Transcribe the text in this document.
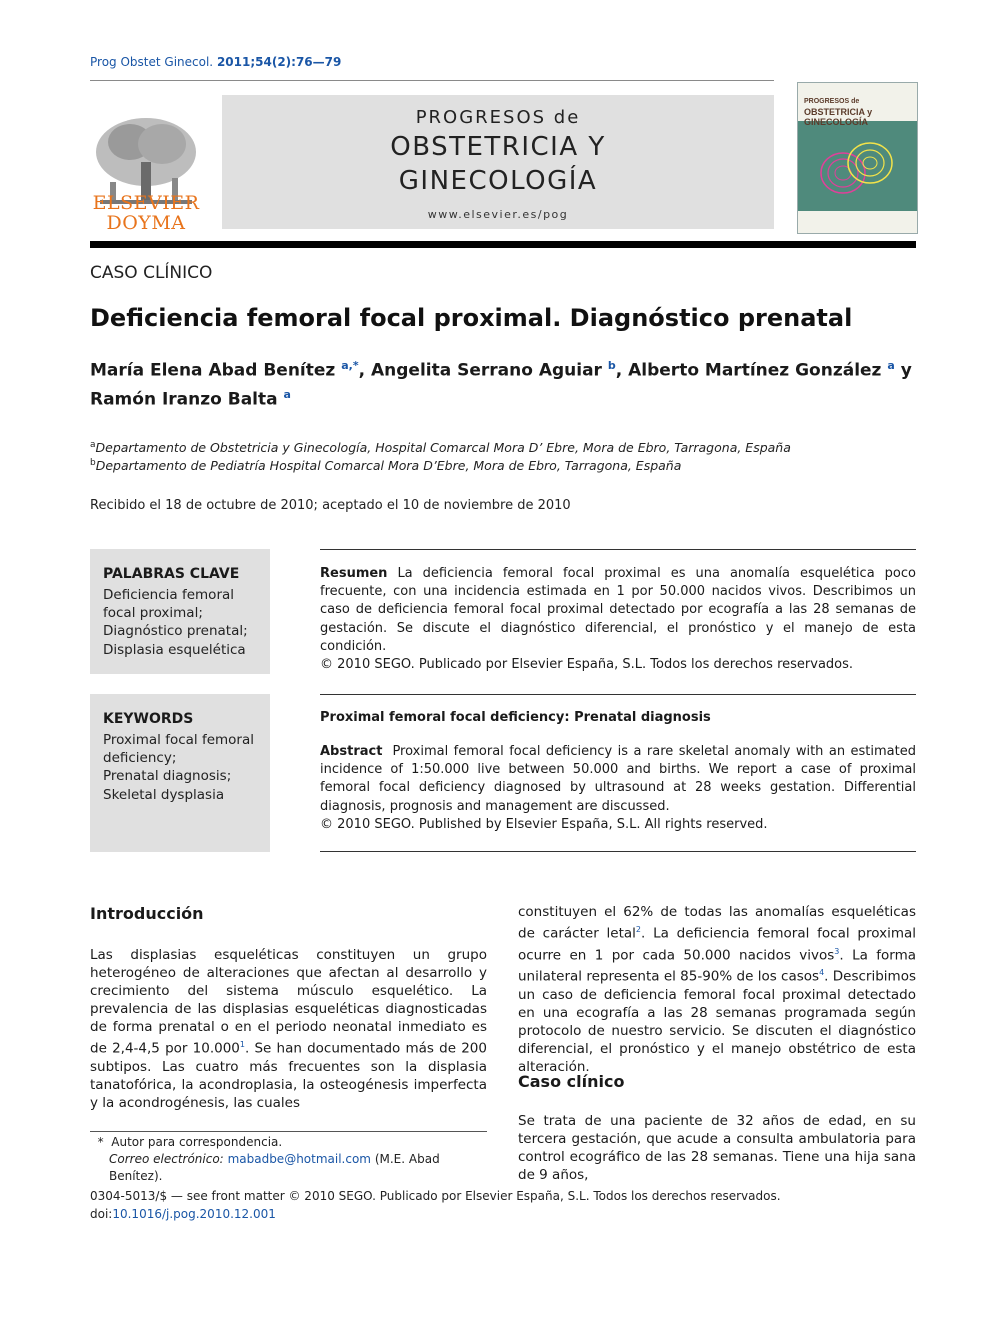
Prog Obstet Ginecol. 2011;54(2):76—79
ELSEVIER
DOYMA
PROGRESOS de
OBSTETRICIA Y
GINECOLOGÍA
www.elsevier.es/pog
PROGRESOS de
OBSTETRICIA y
GINECOLOGÍA
CASO CLÍNICO
Deficiencia femoral focal proximal. Diagnóstico prenatal
María Elena Abad Benítez $^{a,*}$, Angelita Serrano Aguiar $^b$, Alberto Martínez González $^a$ y
Ramón Iranzo Balta $^a$
$^a$Departamento de Obstetricia y Ginecología, Hospital Comarcal Mora D’ Ebre, Mora de Ebro, Tarragona, España
$^b$Departamento de Pediatría Hospital Comarcal Mora D’Ebre, Mora de Ebro, Tarragona, España
Recibido el 18 de octubre de 2010; aceptado el 10 de noviembre de 2010
PALABRAS CLAVE
Deficiencia femoral focal proximal;
Diagnóstico prenatal;
Displasia esquelética
Resumen La deficiencia femoral focal proximal es una anomalía esquelética poco frecuente, con una incidencia estimada en 1 por 50.000 nacidos vivos. Describimos un caso de deficiencia femoral focal proximal detectado por ecografía a las 28 semanas de gestación. Se discute el diagnóstico diferencial, el pronóstico y el manejo de esta condición.
© 2010 SEGO. Publicado por Elsevier España, S.L. Todos los derechos reservados.
KEYWORDS
Proximal focal femoral deficiency;
Prenatal diagnosis;
Skeletal dysplasia
Proximal femoral focal deficiency: Prenatal diagnosis
Abstract Proximal femoral focal deficiency is a rare skeletal anomaly with an estimated incidence of 1:50.000 live between 50.000 and births. We report a case of proximal femoral focal deficiency diagnosed by ultrasound at 28 weeks gestation. Differential diagnosis, prognosis and management are discussed.
© 2010 SEGO. Published by Elsevier España, S.L. All rights reserved.
Introducción
Las displasias esqueléticas constituyen un grupo heterogéneo de alteraciones que afectan al desarrollo y crecimiento del sistema músculo esquelético. La prevalencia de las displasias esqueléticas diagnosticadas de forma prenatal o en el periodo neonatal inmediato es de 2,4-4,5 por 10.000$^1$. Se han documentado más de 200 subtipos. Las cuatro más frecuentes son la displasia tanatofórica, la acondroplasia, la osteogénesis imperfecta y la acondrogénesis, las cuales
* Autor para correspondencia.
Correo electrónico: mabadbe@hotmail.com (M.E. Abad Benítez).
constituyen el 62% de todas las anomalías esqueléticas de carácter letal$^2$. La deficiencia femoral focal proximal ocurre en 1 por cada 50.000 nacidos vivos$^3$. La forma unilateral representa el 85-90% de los casos$^4$. Describimos un caso de deficiencia femoral focal proximal detectado en una ecografía a las 28 semanas programada según protocolo de nuestro servicio. Se discuten el diagnóstico diferencial, el pronóstico y el manejo obstétrico de esta alteración.
Caso clínico
Se trata de una paciente de 32 años de edad, en su tercera gestación, que acude a consulta ambulatoria para control ecográfico de las 28 semanas. Tiene una hija sana de 9 años,
0304-5013/$ — see front matter © 2010 SEGO. Publicado por Elsevier España, S.L. Todos los derechos reservados.
doi:10.1016/j.pog.2010.12.001
